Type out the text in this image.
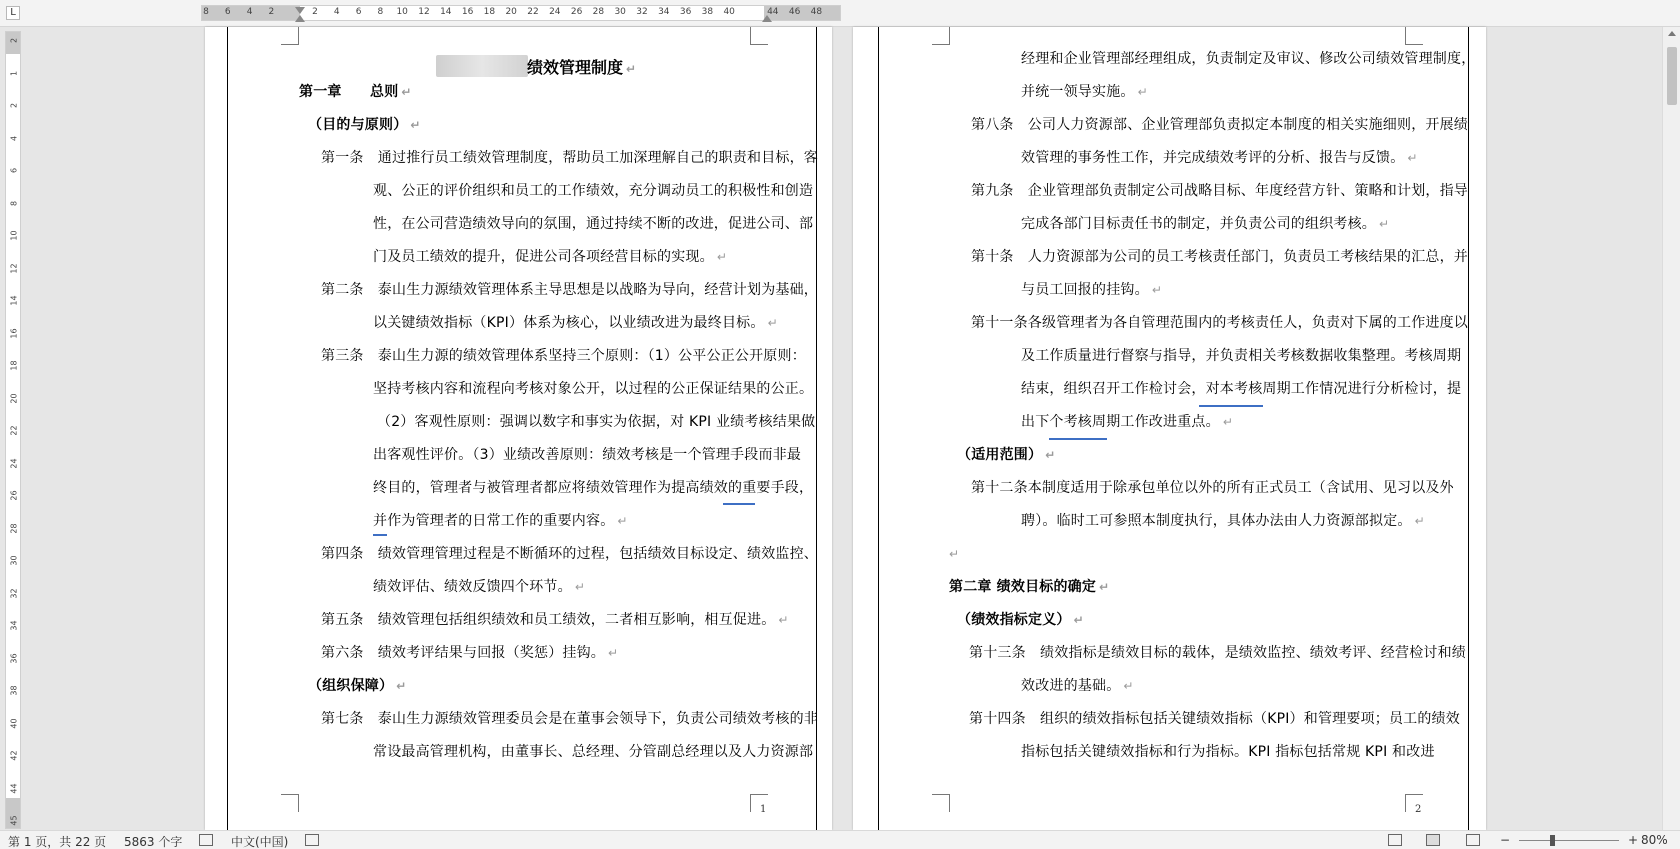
L	8 6 4 2	2 4 6 8 10 12 14 16 18 20 22 24 26 28 30 32 34 36 38 40	44 46 48
2
1
2
4
6
8
10
12
14
16
18
20
22
24
26
28
30
32
34
36
38
40
42
44
45
绩效管理制度 ↵
第一章　　总则 ↵
（目的与原则） ↵
第一条　通过推行员工绩效管理制度，帮助员工加深理解自己的职责和目标，客
观、公正的评价组织和员工的工作绩效，充分调动员工的积极性和创造
性，在公司营造绩效导向的氛围，通过持续不断的改进，促进公司、部
门及员工绩效的提升，促进公司各项经营目标的实现。 ↵
第二条　泰山生力源绩效管理体系主导思想是以战略为导向，经营计划为基础，
以关键绩效指标（KPI）体系为核心，以业绩改进为最终目标。 ↵
第三条　泰山生力源的绩效管理体系坚持三个原则：（1）公平公正公开原则：
坚持考核内容和流程向考核对象公开，以过程的公正保证结果的公正。
（2）客观性原则：强调以数字和事实为依据，对 KPI 业绩考核结果做
出客观性评价。（3）业绩改善原则：绩效考核是一个管理手段而非最
终目的，管理者与被管理者都应将绩效管理作为提高绩效的重要手段，
并作为管理者的日常工作的重要内容。 ↵
第四条　绩效管理管理过程是不断循环的过程，包括绩效目标设定、绩效监控、
绩效评估、绩效反馈四个环节。 ↵
第五条　绩效管理包括组织绩效和员工绩效，二者相互影响，相互促进。 ↵
第六条　绩效考评结果与回报（奖惩）挂钩。 ↵
（组织保障） ↵
第七条　泰山生力源绩效管理委员会是在董事会领导下，负责公司绩效考核的非
常设最高管理机构，由董事长、总经理、分管副总经理以及人力资源部
1
经理和企业管理部经理组成，负责制定及审议、修改公司绩效管理制度，
并统一领导实施。 ↵
第八条　公司人力资源部、企业管理部负责拟定本制度的相关实施细则，开展绩
效管理的事务性工作，并完成绩效考评的分析、报告与反馈。 ↵
第九条　企业管理部负责制定公司战略目标、年度经营方针、策略和计划，指导
完成各部门目标责任书的制定，并负责公司的组织考核。 ↵
第十条　人力资源部为公司的员工考核责任部门，负责员工考核结果的汇总，并
与员工回报的挂钩。 ↵
第十一条各级管理者为各自管理范围内的考核责任人，负责对下属的工作进度以
及工作质量进行督察与指导，并负责相关考核数据收集整理。考核周期
结束，组织召开工作检讨会，对本考核周期工作情况进行分析检讨，提
出下个考核周期工作改进重点。 ↵
（适用范围） ↵
第十二条本制度适用于除承包单位以外的所有正式员工（含试用、见习以及外
聘）。临时工可参照本制度执行，具体办法由人力资源部拟定。 ↵
↵
第二章 绩效目标的确定 ↵
（绩效指标定义） ↵
第十三条　绩效指标是绩效目标的载体，是绩效监控、绩效考评、经营检讨和绩
效改进的基础。 ↵
第十四条　组织的绩效指标包括关键绩效指标（KPI）和管理要项；员工的绩效
指标包括关键绩效指标和行为指标。KPI 指标包括常规 KPI 和改进
2
第 1 页，共 22 页 5863 个字	中文(中国)	−	+ 80%
